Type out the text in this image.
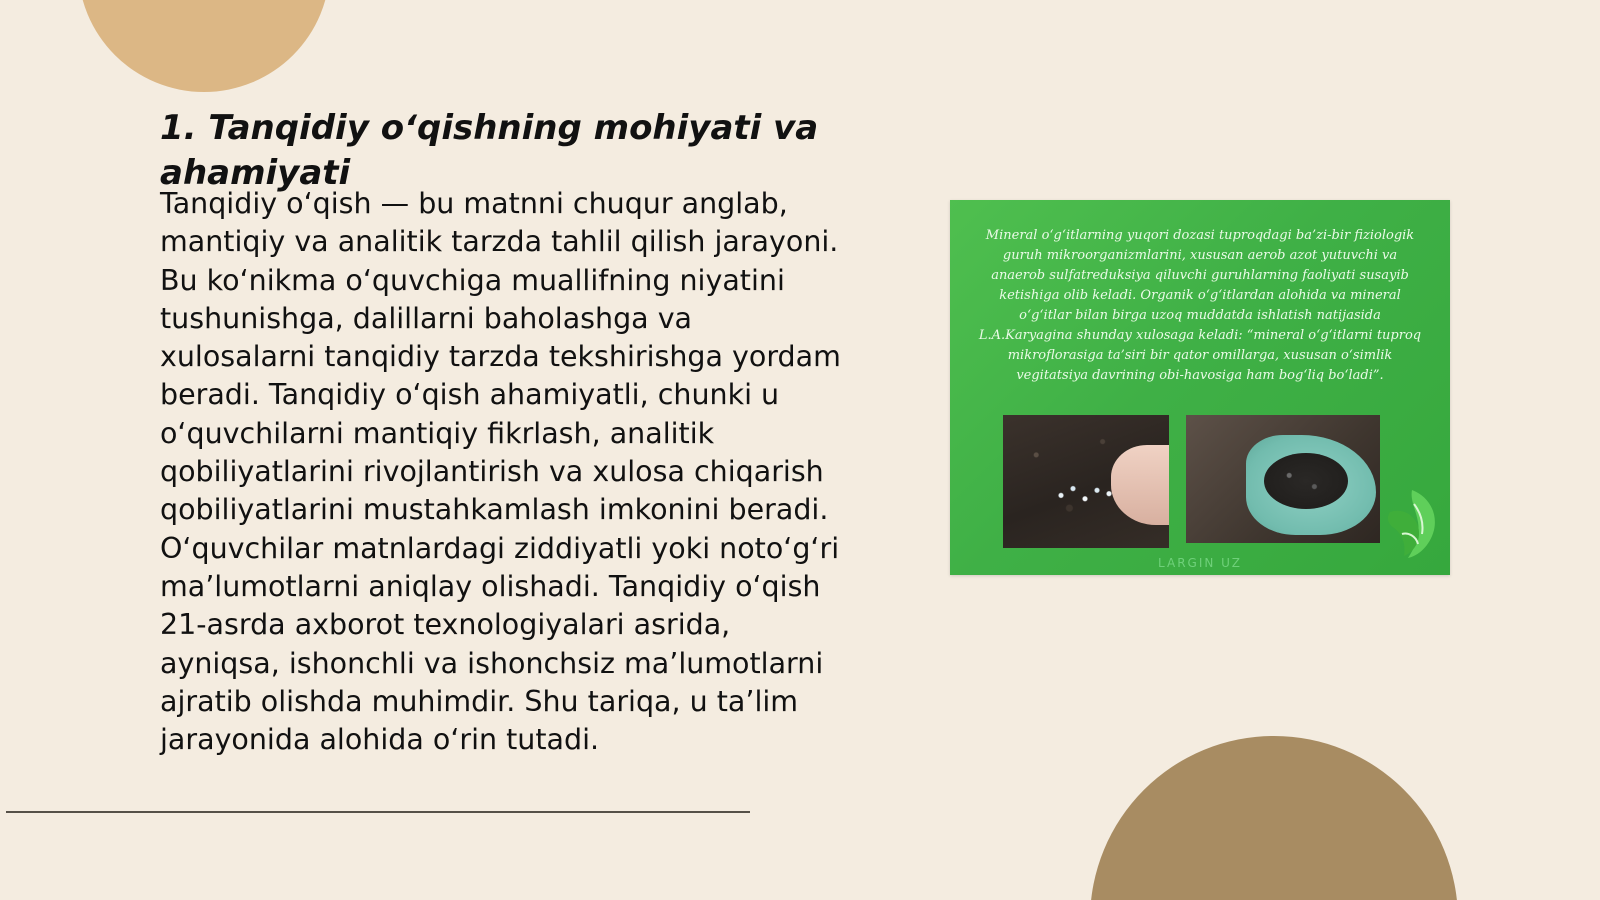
1. Tanqidiy o‘qishning mohiyati va ahamiyati

Tanqidiy o‘qish — bu matnni chuqur anglab, mantiqiy va analitik tarzda tahlil qilish jarayoni. Bu ko‘nikma o‘quvchiga muallifning niyatini tushunishga, dalillarni baholashga va xulosalarni tanqidiy tarzda tekshirishga yordam beradi. Tanqidiy o‘qish ahamiyatli, chunki u o‘quvchilarni mantiqiy fikrlash, analitik qobiliyatlarini rivojlantirish va xulosa chiqarish qobiliyatlarini mustahkamlash imkonini beradi. O‘quvchilar matnlardagi ziddiyatli yoki noto‘g‘ri ma’lumotlarni aniqlay olishadi. Tanqidiy o‘qish 21-asrda axborot texnologiyalari asrida, ayniqsa, ishonchli va ishonchsiz ma’lumotlarni ajratib olishda muhimdir. Shu tariqa, u ta’lim jarayonida alohida o‘rin tutadi.

Mineral o‘g‘itlarning yuqori dozasi tuproqdagi ba’zi-bir fiziologik guruh mikroorganizmlarini, xususan aerob azot yutuvchi va anaerob sulfatreduksiya qiluvchi guruhlarning faoliyati susayib ketishiga olib keladi. Organik o‘g‘itlardan alohida va mineral o‘g‘itlar bilan birga uzoq muddatda ishlatish natijasida L.A.Karyagina shunday xulosaga keladi: “mineral o‘g‘itlarni tuproq mikroflorasiga ta’siri bir qator omillarga, xususan o‘simlik vegitatsiya davrining obi-havosiga ham bog‘liq bo‘ladi”.

LARGIN UZ
